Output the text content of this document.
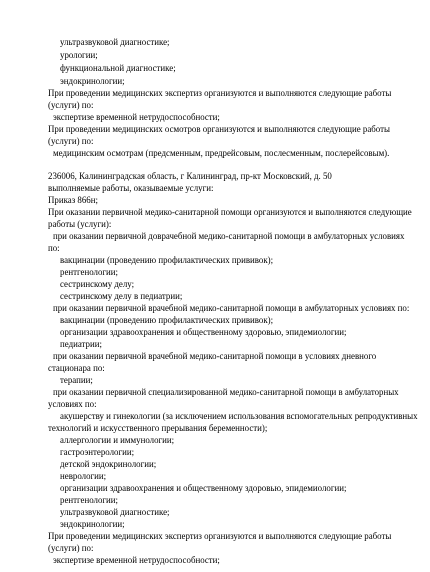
ультразвуковой диагностике;
урологии;
функциональной диагностике;
эндокринологии;
При проведении медицинских экспертиз организуются и выполняются следующие работы
(услуги) по:
экспертизе временной нетрудоспособности;
При проведении медицинских осмотров организуются и выполняются следующие работы
(услуги) по:
медицинским осмотрам (предсменным, предрейсовым, послесменным, послерейсовым).
236006, Калининградская область, г Калининград, пр-кт Московский, д. 50
выполняемые работы, оказываемые услуги:
Приказ 866н;
При оказании первичной медико-санитарной помощи организуются и выполняются следующие
работы (услуги):
при оказании первичной доврачебной медико-санитарной помощи в амбулаторных условиях
по:
вакцинации (проведению профилактических прививок);
рентгенологии;
сестринскому делу;
сестринскому делу в педиатрии;
при оказании первичной врачебной медико-санитарной помощи в амбулаторных условиях по:
вакцинации (проведению профилактических прививок);
организации здравоохранения и общественному здоровью, эпидемиологии;
педиатрии;
при оказании первичной врачебной медико-санитарной помощи в условиях дневного
стационара по:
терапии;
при оказании первичной специализированной медико-санитарной помощи в амбулаторных
условиях по:
акушерству и гинекологии (за исключением использования вспомогательных репродуктивных
технологий и искусственного прерывания беременности);
аллергологии и иммунологии;
гастроэнтерологии;
детской эндокринологии;
неврологии;
организации здравоохранения и общественному здоровью, эпидемиологии;
рентгенологии;
ультразвуковой диагностике;
эндокринологии;
При проведении медицинских экспертиз организуются и выполняются следующие работы
(услуги) по:
экспертизе временной нетрудоспособности;
